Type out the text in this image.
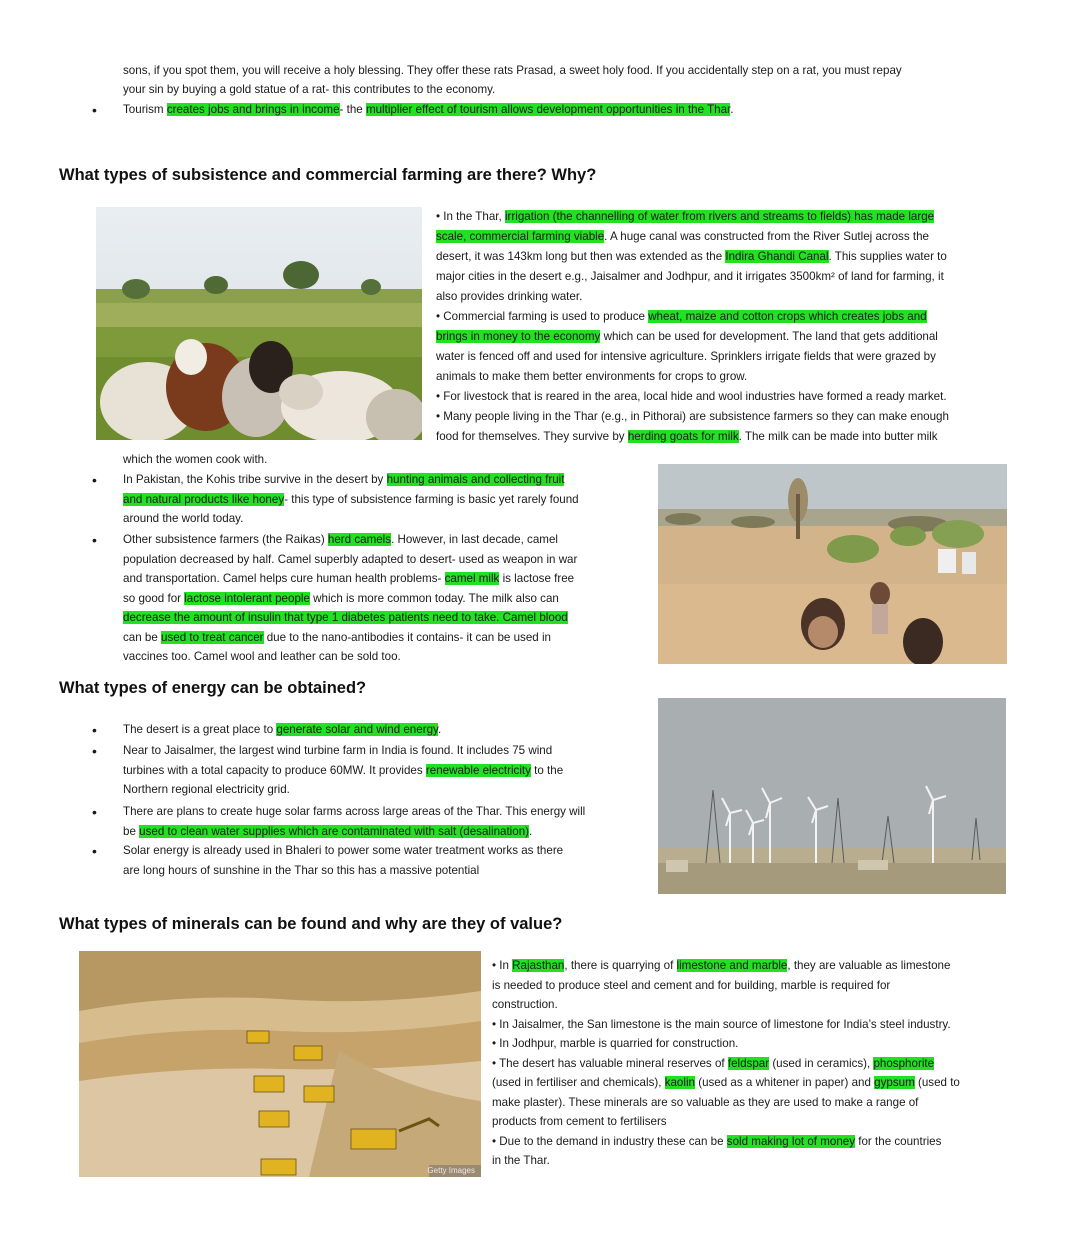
sons, if you spot them, you will receive a holy blessing. They offer these rats Prasad, a sweet holy food. If you accidentally step on a rat, you must repay
your sin by buying a gold statue of a rat- this contributes to the economy.
• Tourism creates jobs and brings in income- the multiplier effect of tourism allows development opportunities in the Thar.
What types of subsistence and commercial farming are there? Why?

• In the Thar, irrigation (the channelling of water from rivers and streams to fields) has made large

scale, commercial farming viable. A huge canal was constructed from the River Sutlej across the

desert, it was 143km long but then was extended as the Indira Ghandi Canal. This supplies water to

major cities in the desert e.g., Jaisalmer and Jodhpur, and it irrigates 3500km² of land for farming, it

also provides drinking water.

• Commercial farming is used to produce wheat, maize and cotton crops which creates jobs and

brings in money to the economy which can be used for development. The land that gets additional

water is fenced off and used for intensive agriculture. Sprinklers irrigate fields that were grazed by

animals to make them better environments for crops to grow.

• For livestock that is reared in the area, local hide and wool industries have formed a ready market.

• Many people living in the Thar (e.g., in Pithorai) are subsistence farmers so they can make enough

food for themselves. They survive by herding goats for milk. The milk can be made into butter milk

which the women cook with.
• In Pakistan, the Kohis tribe survive in the desert by hunting animals and collecting fruit

and natural products like honey- this type of subsistence farming is basic yet rarely found

around the world today.

• Other subsistence farmers (the Raikas) herd camels. However, in last decade, camel

population decreased by half. Camel superbly adapted to desert- used as weapon in war

and transportation. Camel helps cure human health problems- camel milk is lactose free

so good for lactose intolerant people which is more common today. The milk also can

decrease the amount of insulin that type 1 diabetes patients need to take. Camel blood

can be used to treat cancer due to the nano-antibodies it contains- it can be used in

vaccines too. Camel wool and leather can be sold too.

What types of energy can be obtained?
• The desert is a great place to generate solar and wind energy.
• Near to Jaisalmer, the largest wind turbine farm in India is found. It includes 75 wind

turbines with a total capacity to produce 60MW. It provides renewable electricity to the

Northern regional electricity grid.

• There are plans to create huge solar farms across large areas of the Thar. This energy will

be used to clean water supplies which are contaminated with salt (desalination).

• Solar energy is already used in Bhaleri to power some water treatment works as there

are long hours of sunshine in the Thar so this has a massive potential

What types of minerals can be found and why are they of value?
Getty Images

• In Rajasthan, there is quarrying of limestone and marble, they are valuable as limestone

is needed to produce steel and cement and for building, marble is required for

construction.

• In Jaisalmer, the San limestone is the main source of limestone for India’s steel industry.

• In Jodhpur, marble is quarried for construction.

• The desert has valuable mineral reserves of feldspar (used in ceramics), phosphorite

(used in fertiliser and chemicals), kaolin (used as a whitener in paper) and gypsum (used to

make plaster). These minerals are so valuable as they are used to make a range of

products from cement to fertilisers

• Due to the demand in industry these can be sold making lot of money for the countries

in the Thar.
